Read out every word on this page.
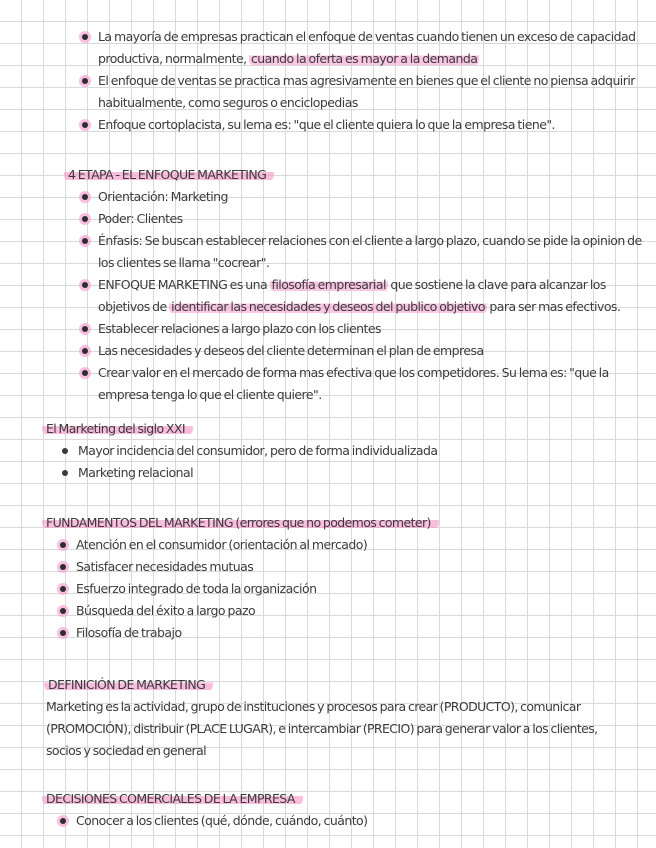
La mayoría de empresas practican el enfoque de ventas cuando tienen un exceso de capacidad productiva, normalmente, cuando la oferta es mayor a la demanda
El enfoque de ventas se practica mas agresivamente en bienes que el cliente no piensa adquirir habitualmente, como seguros o enciclopedias
Enfoque cortoplacista, su lema es: "que el cliente quiera lo que la empresa tiene".
4 ETAPA - EL ENFOQUE MARKETING
Orientación: Marketing
Poder: Clientes
Énfasis: Se buscan establecer relaciones con el cliente a largo plazo, cuando se pide la opinion de los clientes se llama "cocrear".
ENFOQUE MARKETING es una filosofía empresarial que sostiene la clave para alcanzar los objetivos de identificar las necesidades y deseos del publico objetivo para ser mas efectivos.
Establecer relaciones a largo plazo con los clientes
Las necesidades y deseos del cliente determinan el plan de empresa
Crear valor en el mercado de forma mas efectiva que los competidores. Su lema es: "que la empresa tenga lo que el cliente quiere".
El Marketing del siglo XXI
Mayor incidencia del consumidor, pero de forma individualizada
Marketing relacional
FUNDAMENTOS DEL MARKETING (errores que no podemos cometer)
Atención en el consumidor (orientación al mercado)
Satisfacer necesidades mutuas
Esfuerzo integrado de toda la organización
Búsqueda del éxito a largo pazo
Filosofía de trabajo
DEFINICIÓN DE MARKETING

Marketing es la actividad, grupo de instituciones y procesos para crear (PRODUCTO), comunicar (PROMOCIÓN), distribuir (PLACE LUGAR), e intercambiar (PRECIO) para generar valor a los clientes, socios y sociedad en general

DECISIONES COMERCIALES DE LA EMPRESA
Conocer a los clientes (qué, dónde, cuándo, cuánto)
